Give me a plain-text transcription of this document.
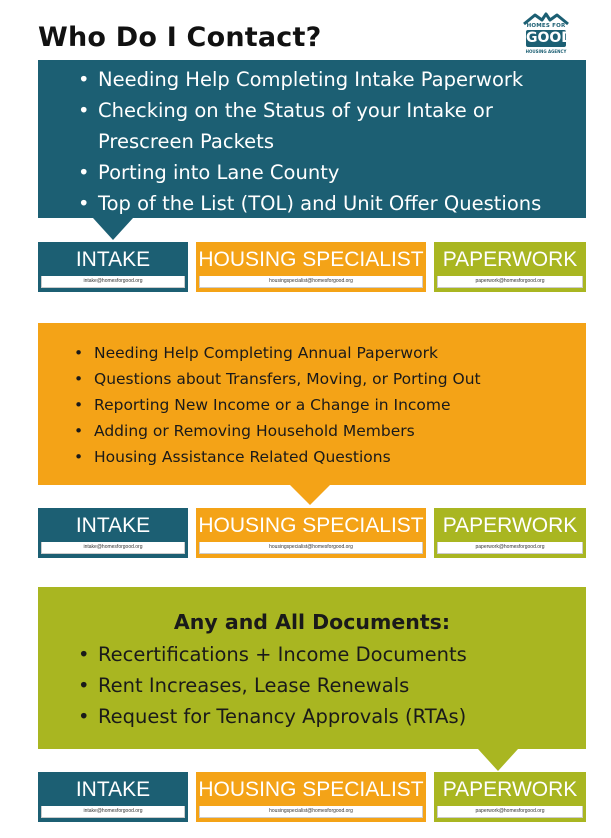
Who Do I Contact?	HOMES FOR
GOOD
HOUSING AGENCY
• Needing Help Completing Intake Paperwork
• Checking on the Status of your Intake or Prescreen Packets
• Porting into Lane County
• Top of the List (TOL) and Unit Offer Questions
INTAKE
intake@homesforgood.org
HOUSING SPECIALIST
housingspecialist@homesforgood.org
PAPERWORK
paperwork@homesforgood.org
• Needing Help Completing Annual Paperwork
• Questions about Transfers, Moving, or Porting Out
• Reporting New Income or a Change in Income
• Adding or Removing Household Members
• Housing Assistance Related Questions
INTAKE
intake@homesforgood.org
HOUSING SPECIALIST
housingspecialist@homesforgood.org
PAPERWORK
paperwork@homesforgood.org
Any and All Documents:
• Recertifications + Income Documents
• Rent Increases, Lease Renewals
• Request for Tenancy Approvals (RTAs)
INTAKE
intake@homesforgood.org
HOUSING SPECIALIST
housingspecialist@homesforgood.org
PAPERWORK
paperwork@homesforgood.org
